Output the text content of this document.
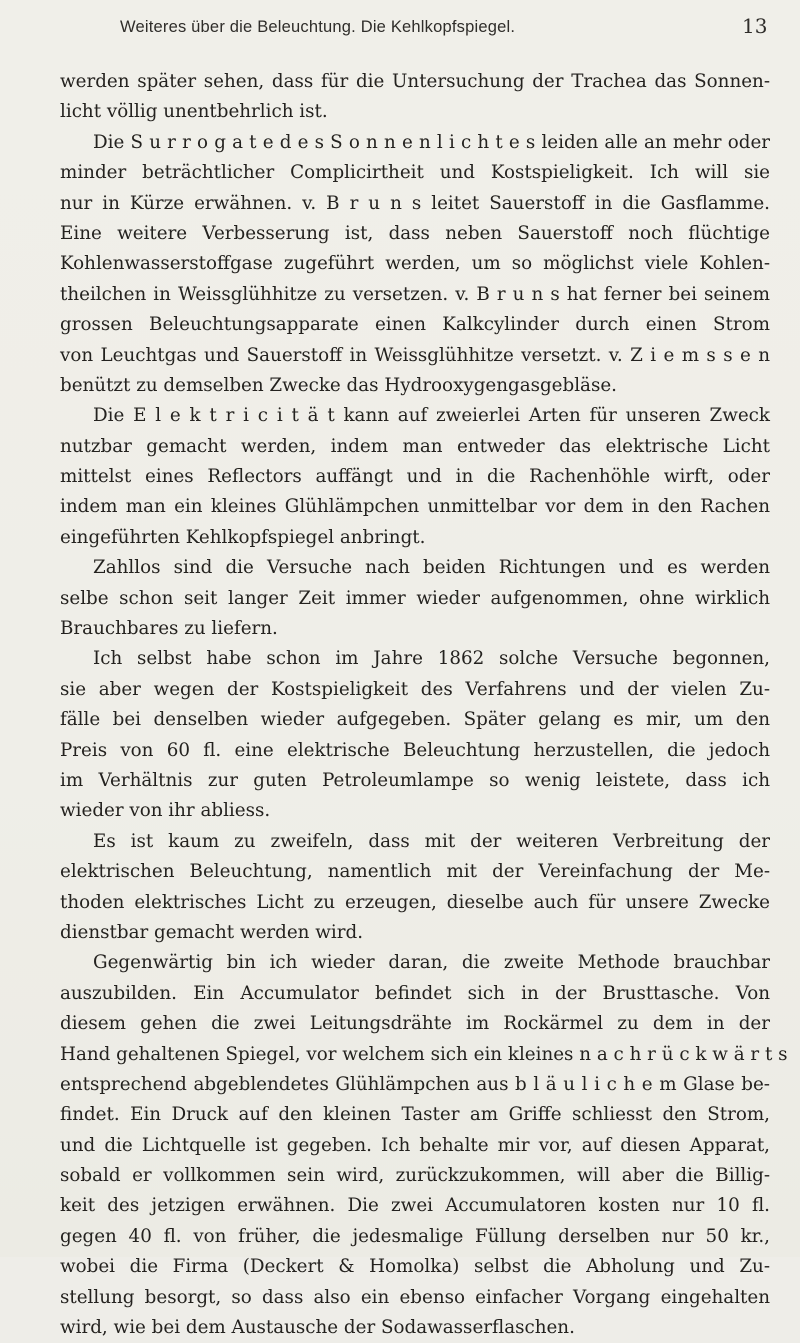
Weiteres über die Beleuchtung. Die Kehlkopfspiegel.	13
werden später sehen, dass für die Untersuchung der Trachea das Sonnen-
licht völlig unentbehrlich ist.
Die S u r r o g a t e d e s S o n n e n l i c h t e s leiden alle an mehr oder
minder beträchtlicher Complicirtheit und Kostspieligkeit. Ich will sie
nur in Kürze erwähnen. v. B r u n s leitet Sauerstoff in die Gasflamme.
Eine weitere Verbesserung ist, dass neben Sauerstoff noch flüchtige
Kohlenwasserstoffgase zugeführt werden, um so möglichst viele Kohlen-
theilchen in Weissglühhitze zu versetzen. v. B r u n s hat ferner bei seinem
grossen Beleuchtungsapparate einen Kalkcylinder durch einen Strom
von Leuchtgas und Sauerstoff in Weissglühhitze versetzt. v. Z i e m s s e n
benützt zu demselben Zwecke das Hydrooxygengasgebläse.
Die E l e k t r i c i t ä t kann auf zweierlei Arten für unseren Zweck
nutzbar gemacht werden, indem man entweder das elektrische Licht
mittelst eines Reflectors auffängt und in die Rachenhöhle wirft, oder
indem man ein kleines Glühlämpchen unmittelbar vor dem in den Rachen
eingeführten Kehlkopfspiegel anbringt.
Zahllos sind die Versuche nach beiden Richtungen und es werden
selbe schon seit langer Zeit immer wieder aufgenommen, ohne wirklich
Brauchbares zu liefern.
Ich selbst habe schon im Jahre 1862 solche Versuche begonnen,
sie aber wegen der Kostspieligkeit des Verfahrens und der vielen Zu-
fälle bei denselben wieder aufgegeben. Später gelang es mir, um den
Preis von 60 fl. eine elektrische Beleuchtung herzustellen, die jedoch
im Verhältnis zur guten Petroleumlampe so wenig leistete, dass ich
wieder von ihr abliess.
Es ist kaum zu zweifeln, dass mit der weiteren Verbreitung der
elektrischen Beleuchtung, namentlich mit der Vereinfachung der Me-
thoden elektrisches Licht zu erzeugen, dieselbe auch für unsere Zwecke
dienstbar gemacht werden wird.
Gegenwärtig bin ich wieder daran, die zweite Methode brauchbar
auszubilden. Ein Accumulator befindet sich in der Brusttasche. Von
diesem gehen die zwei Leitungsdrähte im Rockärmel zu dem in der
Hand gehaltenen Spiegel, vor welchem sich ein kleines n a c h r ü c k w ä r t s
entsprechend abgeblendetes Glühlämpchen aus b l ä u l i c h e m Glase be-
findet. Ein Druck auf den kleinen Taster am Griffe schliesst den Strom,
und die Lichtquelle ist gegeben. Ich behalte mir vor, auf diesen Apparat,
sobald er vollkommen sein wird, zurückzukommen, will aber die Billig-
keit des jetzigen erwähnen. Die zwei Accumulatoren kosten nur 10 fl.
gegen 40 fl. von früher, die jedesmalige Füllung derselben nur 50 kr.,
wobei die Firma (Deckert & Homolka) selbst die Abholung und Zu-
stellung besorgt, so dass also ein ebenso einfacher Vorgang eingehalten
wird, wie bei dem Austausche der Sodawasserflaschen.
